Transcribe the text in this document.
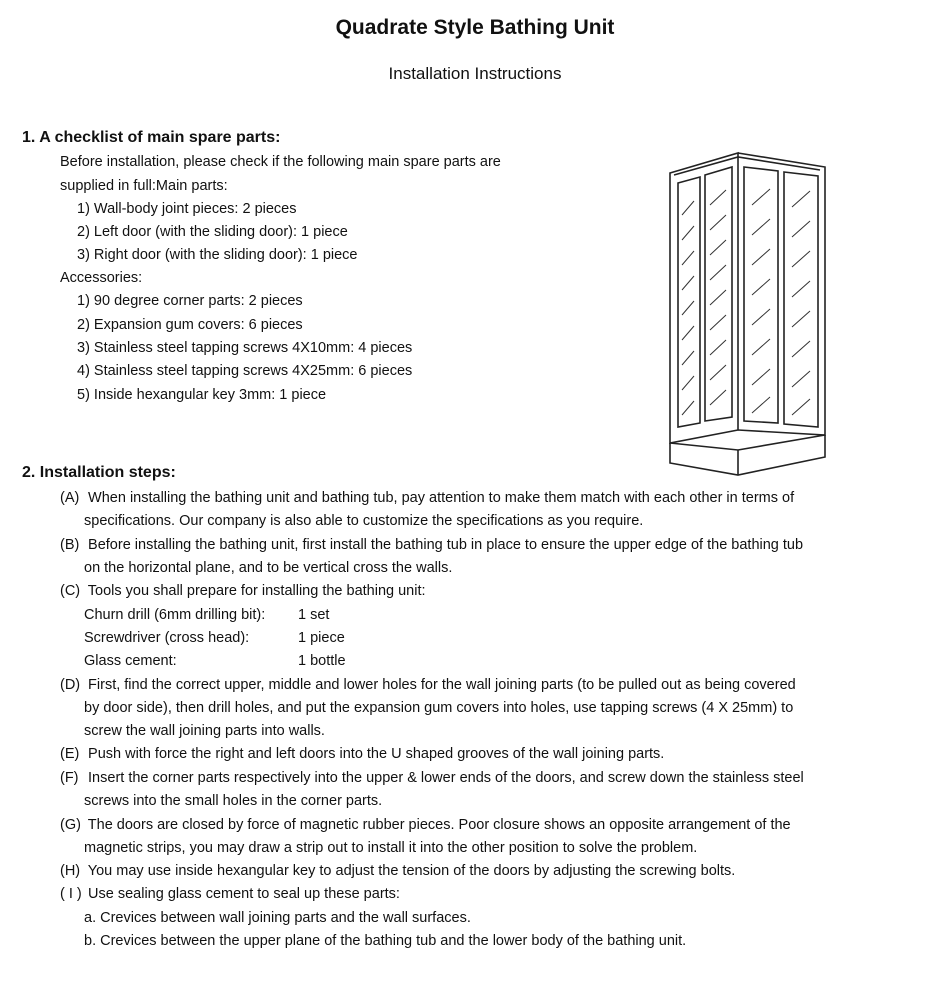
Quadrate Style Bathing Unit
Installation Instructions
1. A checklist of main spare parts:
Before installation, please check if the following main spare parts are
supplied in full:Main parts:
1) Wall-body joint pieces: 2 pieces
2) Left door (with the sliding door): 1 piece
3) Right door (with the sliding door): 1 piece
Accessories:
1) 90 degree corner parts: 2 pieces
2) Expansion gum covers: 6 pieces
3) Stainless steel tapping screws 4X10mm: 4 pieces
4) Stainless steel tapping screws 4X25mm: 6 pieces
5) Inside hexangular key 3mm: 1 piece
2. Installation steps:
(A) When installing the bathing unit and bathing tub, pay attention to make them match with each other in terms of
specifications. Our company is also able to customize the specifications as you require.
(B) Before installing the bathing unit, first install the bathing tub in place to ensure the upper edge of the bathing tub
on the horizontal plane, and to be vertical cross the walls.
(C) Tools you shall prepare for installing the bathing unit:
Churn drill (6mm drilling bit): 1 set
Screwdriver (cross head):	1 piece
Glass cement:	1 bottle
(D) First, find the correct upper, middle and lower holes for the wall joining parts (to be pulled out as being covered
by door side), then drill holes, and put the expansion gum covers into holes, use tapping screws (4 X 25mm) to
screw the wall joining parts into walls.
(E) Push with force the right and left doors into the U shaped grooves of the wall joining parts.
(F) Insert the corner parts respectively into the upper & lower ends of the doors, and screw down the stainless steel
screws into the small holes in the corner parts.
(G) The doors are closed by force of magnetic rubber pieces. Poor closure shows an opposite arrangement of the
magnetic strips, you may draw a strip out to install it into the other position to solve the problem.
(H) You may use inside hexangular key to adjust the tension of the doors by adjusting the screwing bolts.
( I ) Use sealing glass cement to seal up these parts:
a. Crevices between wall joining parts and the wall surfaces.
b. Crevices between the upper plane of the bathing tub and the lower body of the bathing unit.
